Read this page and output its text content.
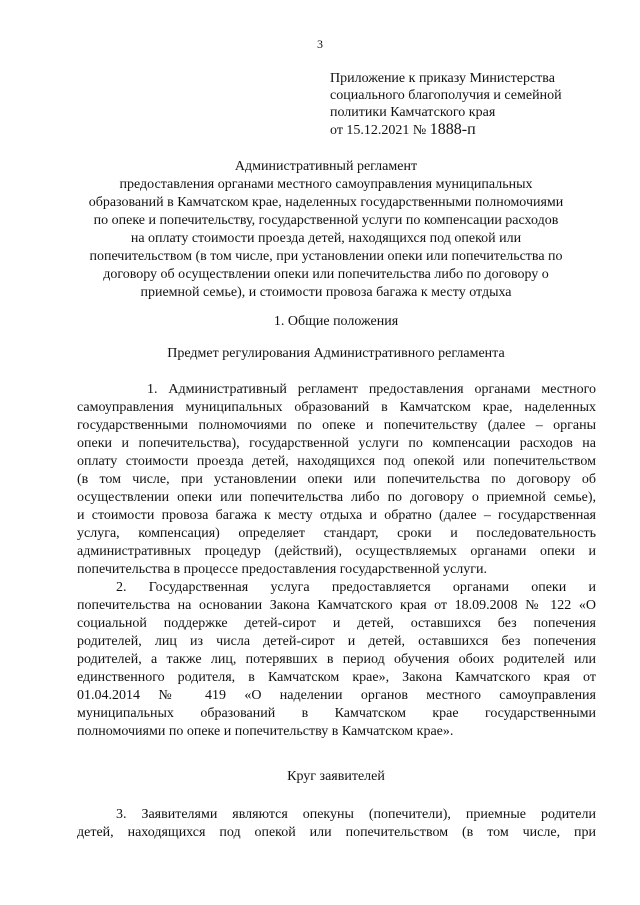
3
Приложение к приказу Министерства
социального благополучия и семейной
политики Камчатского края
от 15.12.2021 № 1888-п
Административный регламент
предоставления органами местного самоуправления муниципальных
образований в Камчатском крае, наделенных государственными полномочиями
по опеке и попечительству, государственной услуги по компенсации расходов
на оплату стоимости проезда детей, находящихся под опекой или
попечительством (в том числе, при установлении опеки или попечительства по
договору об осуществлении опеки или попечительства либо по договору о
приемной семье), и стоимости провоза багажа к месту отдыха
1. Общие положения
Предмет регулирования Административного регламента
1. Административный регламент предоставления органами местного
самоуправления муниципальных образований в Камчатском крае, наделенных
государственными полномочиями по опеке и попечительству (далее – органы
опеки и попечительства), государственной услуги по компенсации расходов на
оплату стоимости проезда детей, находящихся под опекой или попечительством
(в том числе, при установлении опеки или попечительства по договору об
осуществлении опеки или попечительства либо по договору о приемной семье),
и стоимости провоза багажа к месту отдыха и обратно (далее – государственная
услуга, компенсация) определяет стандарт, сроки и последовательность
административных процедур (действий), осуществляемых органами опеки и
попечительства в процессе предоставления государственной услуги.
2. Государственная услуга предоставляется органами опеки и
попечительства на основании Закона Камчатского края от 18.09.2008 № 122 «О
социальной поддержке детей-сирот и детей, оставшихся без попечения
родителей, лиц из числа детей-сирот и детей, оставшихся без попечения
родителей, а также лиц, потерявших в период обучения обоих родителей или
единственного родителя, в Камчатском крае», Закона Камчатского края от
01.04.2014 № 419 «О наделении органов местного самоуправления
муниципальных образований в Камчатском крае государственными
полномочиями по опеке и попечительству в Камчатском крае».
Круг заявителей
3. Заявителями являются опекуны (попечители), приемные родители
детей, находящихся под опекой или попечительством (в том числе, при
